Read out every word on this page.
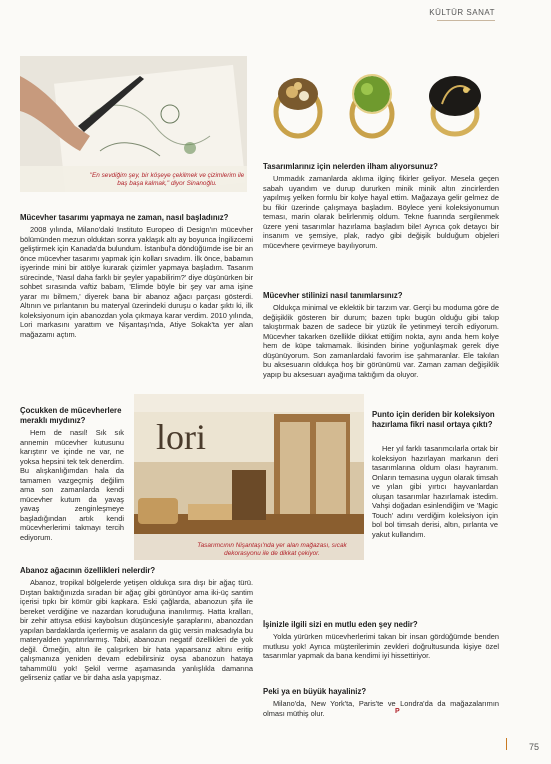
KÜLTÜR SANAT
"En sevdiğim şey, bir köşeye çekilmek ve çizimlerim ile baş başa kalmak," diyor Sinanoğlu.
Mücevher tasarımı yapmaya ne zaman, nasıl başladınız?

2008 yılında, Milano'daki Instituto Europeo di Design'ın mücevher bölümünden mezun olduktan sonra yaklaşık altı ay boyunca İngilizcemi geliştirmek için Kanada'da bulundum. İstanbul'a döndüğümde ise bir an önce mücevher tasarımı yapmak için kolları sıvadım. İlk önce, babamın işyerinde mini bir atölye kurarak çizimler yapmaya başladım. Tasarım sürecinde, 'Nasıl daha farklı bir şeyler yapabilirim?' diye düşünürken bir sohbet sırasında vaftiz babam, 'Elimde böyle bir şey var ama işine yarar mı bilmem,' diyerek bana bir abanoz ağacı parçası gösterdi. Altının ve pırlantanın bu materyal üzerindeki duruşu o kadar şıktı ki, ilk koleksiyonum için abanozdan yola çıkmaya karar verdim. 2010 yılında, Lori markasını yarattım ve Nişantaşı'nda, Atiye Sokak'ta yer alan mağazamı açtım.

Çocukken de mücevherlere meraklı mıydınız?

Hem de nasıl! Sık sık annemin mücevher kutusunu karıştırır ve içinde ne var, ne yoksa hepsini tek tek denerdim. Bu alışkanlığımdan hala da tamamen vazgeçmiş değilim ama son zamanlarda kendi mücevher kutum da yavaş yavaş zenginleşmeye başladığından artık kendi mücevherlerimi takmayı tercih ediyorum.

lori
Tasarımcının Nişantaşı'nda yer alan mağazası, sıcak dekorasyonu ile de dikkat çekiyor.
Abanoz ağacının özellikleri nelerdir?

Abanoz, tropikal bölgelerde yetişen oldukça sıra dışı bir ağaç türü. Dıştan baktığınızda sıradan bir ağaç gibi görünüyor ama iki-üç santim içerisi tıpkı bir kömür gibi kapkara. Eski çağlarda, abanozun şifa ile bereket verdiğine ve nazardan koruduğuna inanılırmış. Hatta kralları, bir zehir attıysa etkisi kaybolsun düşüncesiyle şaraplarını, abanozdan yapılan bardaklarda içerlermiş ve asaların da güç versin maksadıyla bu materyalden yaptırırlarmış. Tabii, abanozun negatif özellikleri de yok değil. Örneğin, altın ile çalışırken bir hata yaparsanız altını eritip çalışmanıza yeniden devam edebilirsiniz oysa abanozun hataya tahammülü yok! Şekil verme aşamasında yanlışlıkla damarına gelirseniz çatlar ve bir daha asla yapışmaz.

Tasarımlarınız için nelerden ilham alıyorsunuz?

Ummadık zamanlarda aklıma ilginç fikirler geliyor. Mesela geçen sabah uyandım ve durup dururken minik minik altın zincirlerden yapılmış yelken formlu bir kolye hayal ettim. Mağazaya gelir gelmez de bu fikir üzerinde çalışmaya başladım. Böylece yeni koleksiyonumun teması, marin olarak belirlenmiş oldum. Tekne fuarında sergilenmek üzere yeni tasarımlar hazırlama başladım bile! Ayrıca çok detaycı bir insanım ve şemsiye, plak, radyo gibi değişik bulduğum objeleri mücevhere çevirmeye bayılıyorum.

Mücevher stilinizi nasıl tanımlarsınız?

Oldukça minimal ve eklektik bir tarzım var. Gerçi bu moduma göre de değişiklik gösteren bir durum; bazen tıpkı bugün olduğu gibi takıp takıştırmak bazen de sadece bir yüzük ile yetinmeyi tercih ediyorum. Mücevher takarken özellikle dikkat ettiğim nokta, aynı anda hem kolye hem de küpe takmamak. İkisinden birine yoğunlaşmak gerek diye düşünüyorum. Son zamanlardaki favorim ise şahmaranlar. Ele takılan bu aksesuarın oldukça hoş bir görünümü var. Zaman zaman değişiklik yapıp bu aksesuarı ayağıma taktığım da oluyor.

Punto için deriden bir koleksiyon hazırlama fikri nasıl ortaya çıktı?

Her yıl farklı tasarımcılarla ortak bir koleksiyon hazırlayan markanın deri tasarımlarına oldum olası hayranım. Onların temasına uygun olarak timsah ve yılan gibi yırtıcı hayvanlardan oluşan tasarımlar hazırlamak istedim. Vahşi doğadan esinlendiğim ve 'Magic Touch' adını verdiğim koleksiyon için bol bol timsah derisi, altın, pırlanta ve yakut kullandım.

İşinizle ilgili sizi en mutlu eden şey nedir?

Yolda yürürken mücevherlerimi takan bir insan gördüğümde benden mutlusu yok! Ayrıca müşterilerimin zevkleri doğrultusunda kişiye özel tasarımlar yapmak da bana kendimi iyi hissettiriyor.

Peki ya en büyük hayaliniz?

Milano'da, New York'ta, Paris'te ve Londra'da da mağazalarımın olması müthiş olur.	P
75
